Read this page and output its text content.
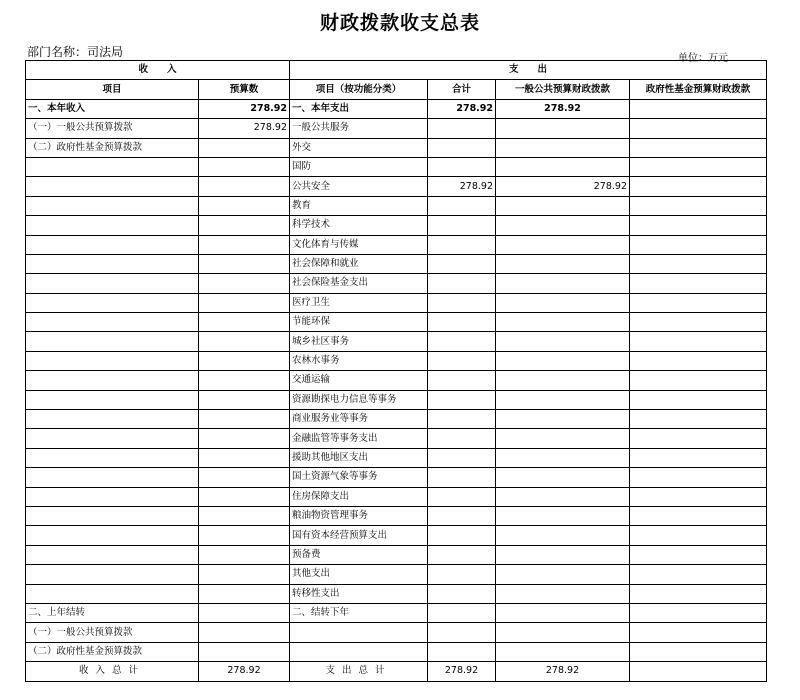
财政拨款收支总表
部门名称：司法局	单位：万元
收　　入		支　　出			
项目	预算数	项目（按功能分类）	合计	一般公共预算财政拨款	政府性基金预算财政拨款
一、本年收入	278.92	一、本年支出	278.92	278.92	
（一）一般公共预算拨款	278.92	一般公共服务			
（二）政府性基金预算拨款		外交			
		国防			
		公共安全	278.92	278.92	
		教育			
		科学技术			
		文化体育与传媒			
		社会保障和就业			
		社会保险基金支出			
		医疗卫生			
		节能环保			
		城乡社区事务			
		农林水事务			
		交通运输			
		资源勘探电力信息等事务			
		商业服务业等事务			
		金融监管等事务支出			
		援助其他地区支出			
		国土资源气象等事务			
		住房保障支出			
		粮油物资管理事务			
		国有资本经营预算支出			
		预备费			
		其他支出			
		转移性支出			
二、上年结转		二、结转下年			
（一）一般公共预算拨款					
（二）政府性基金预算拨款					
收入总计	278.92	支出总计	278.92	278.92	
